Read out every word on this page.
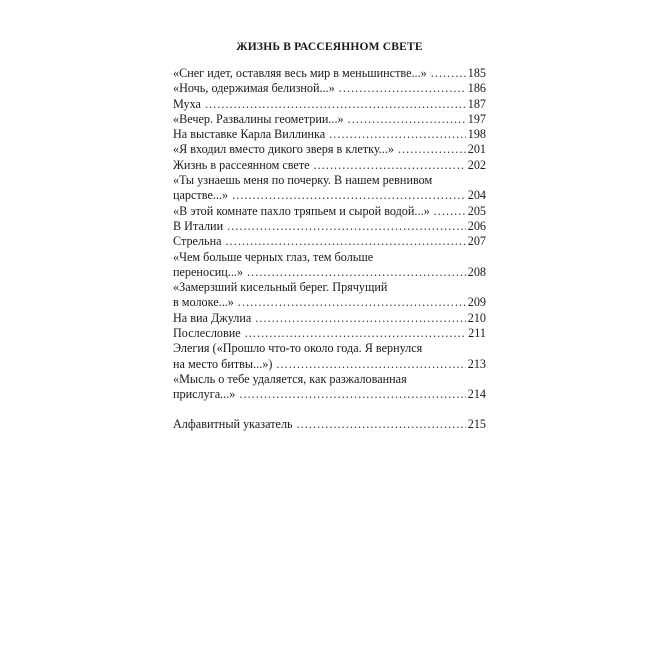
ЖИЗНЬ В РАССЕЯННОМ СВЕТЕ
«Снег идет, оставляя весь мир в меньшинстве...» . . .	185
«Ночь, одержимая белизной...» . . .	186
Муха . . .	187
«Вечер. Развалины геометрии...» . . .	197
На выставке Карла Виллинка . . .	198
«Я входил вместо дикого зверя в клетку...» . . .	201
Жизнь в рассеянном свете . . .	202
«Ты узнаешь меня по почерку. В нашем ревнивом
царстве...» . . .	204
«В этой комнате пахло тряпьем и сырой водой...» . . .	205
В Италии . . .	206
Стрельна . . .	207
«Чем больше черных глаз, тем больше
переносиц...» . . .	208
«Замерзший кисельный берег. Прячущий
в молоке...» . . .	209
На виа Джулиа . . .	210
Послесловие . . .	211
Элегия («Прошло что-то около года. Я вернулся
на место битвы...») . . .	213
«Мысль о тебе удаляется, как разжалованная
прислуга...» . . .	214
Алфавитный указатель . . .	215
